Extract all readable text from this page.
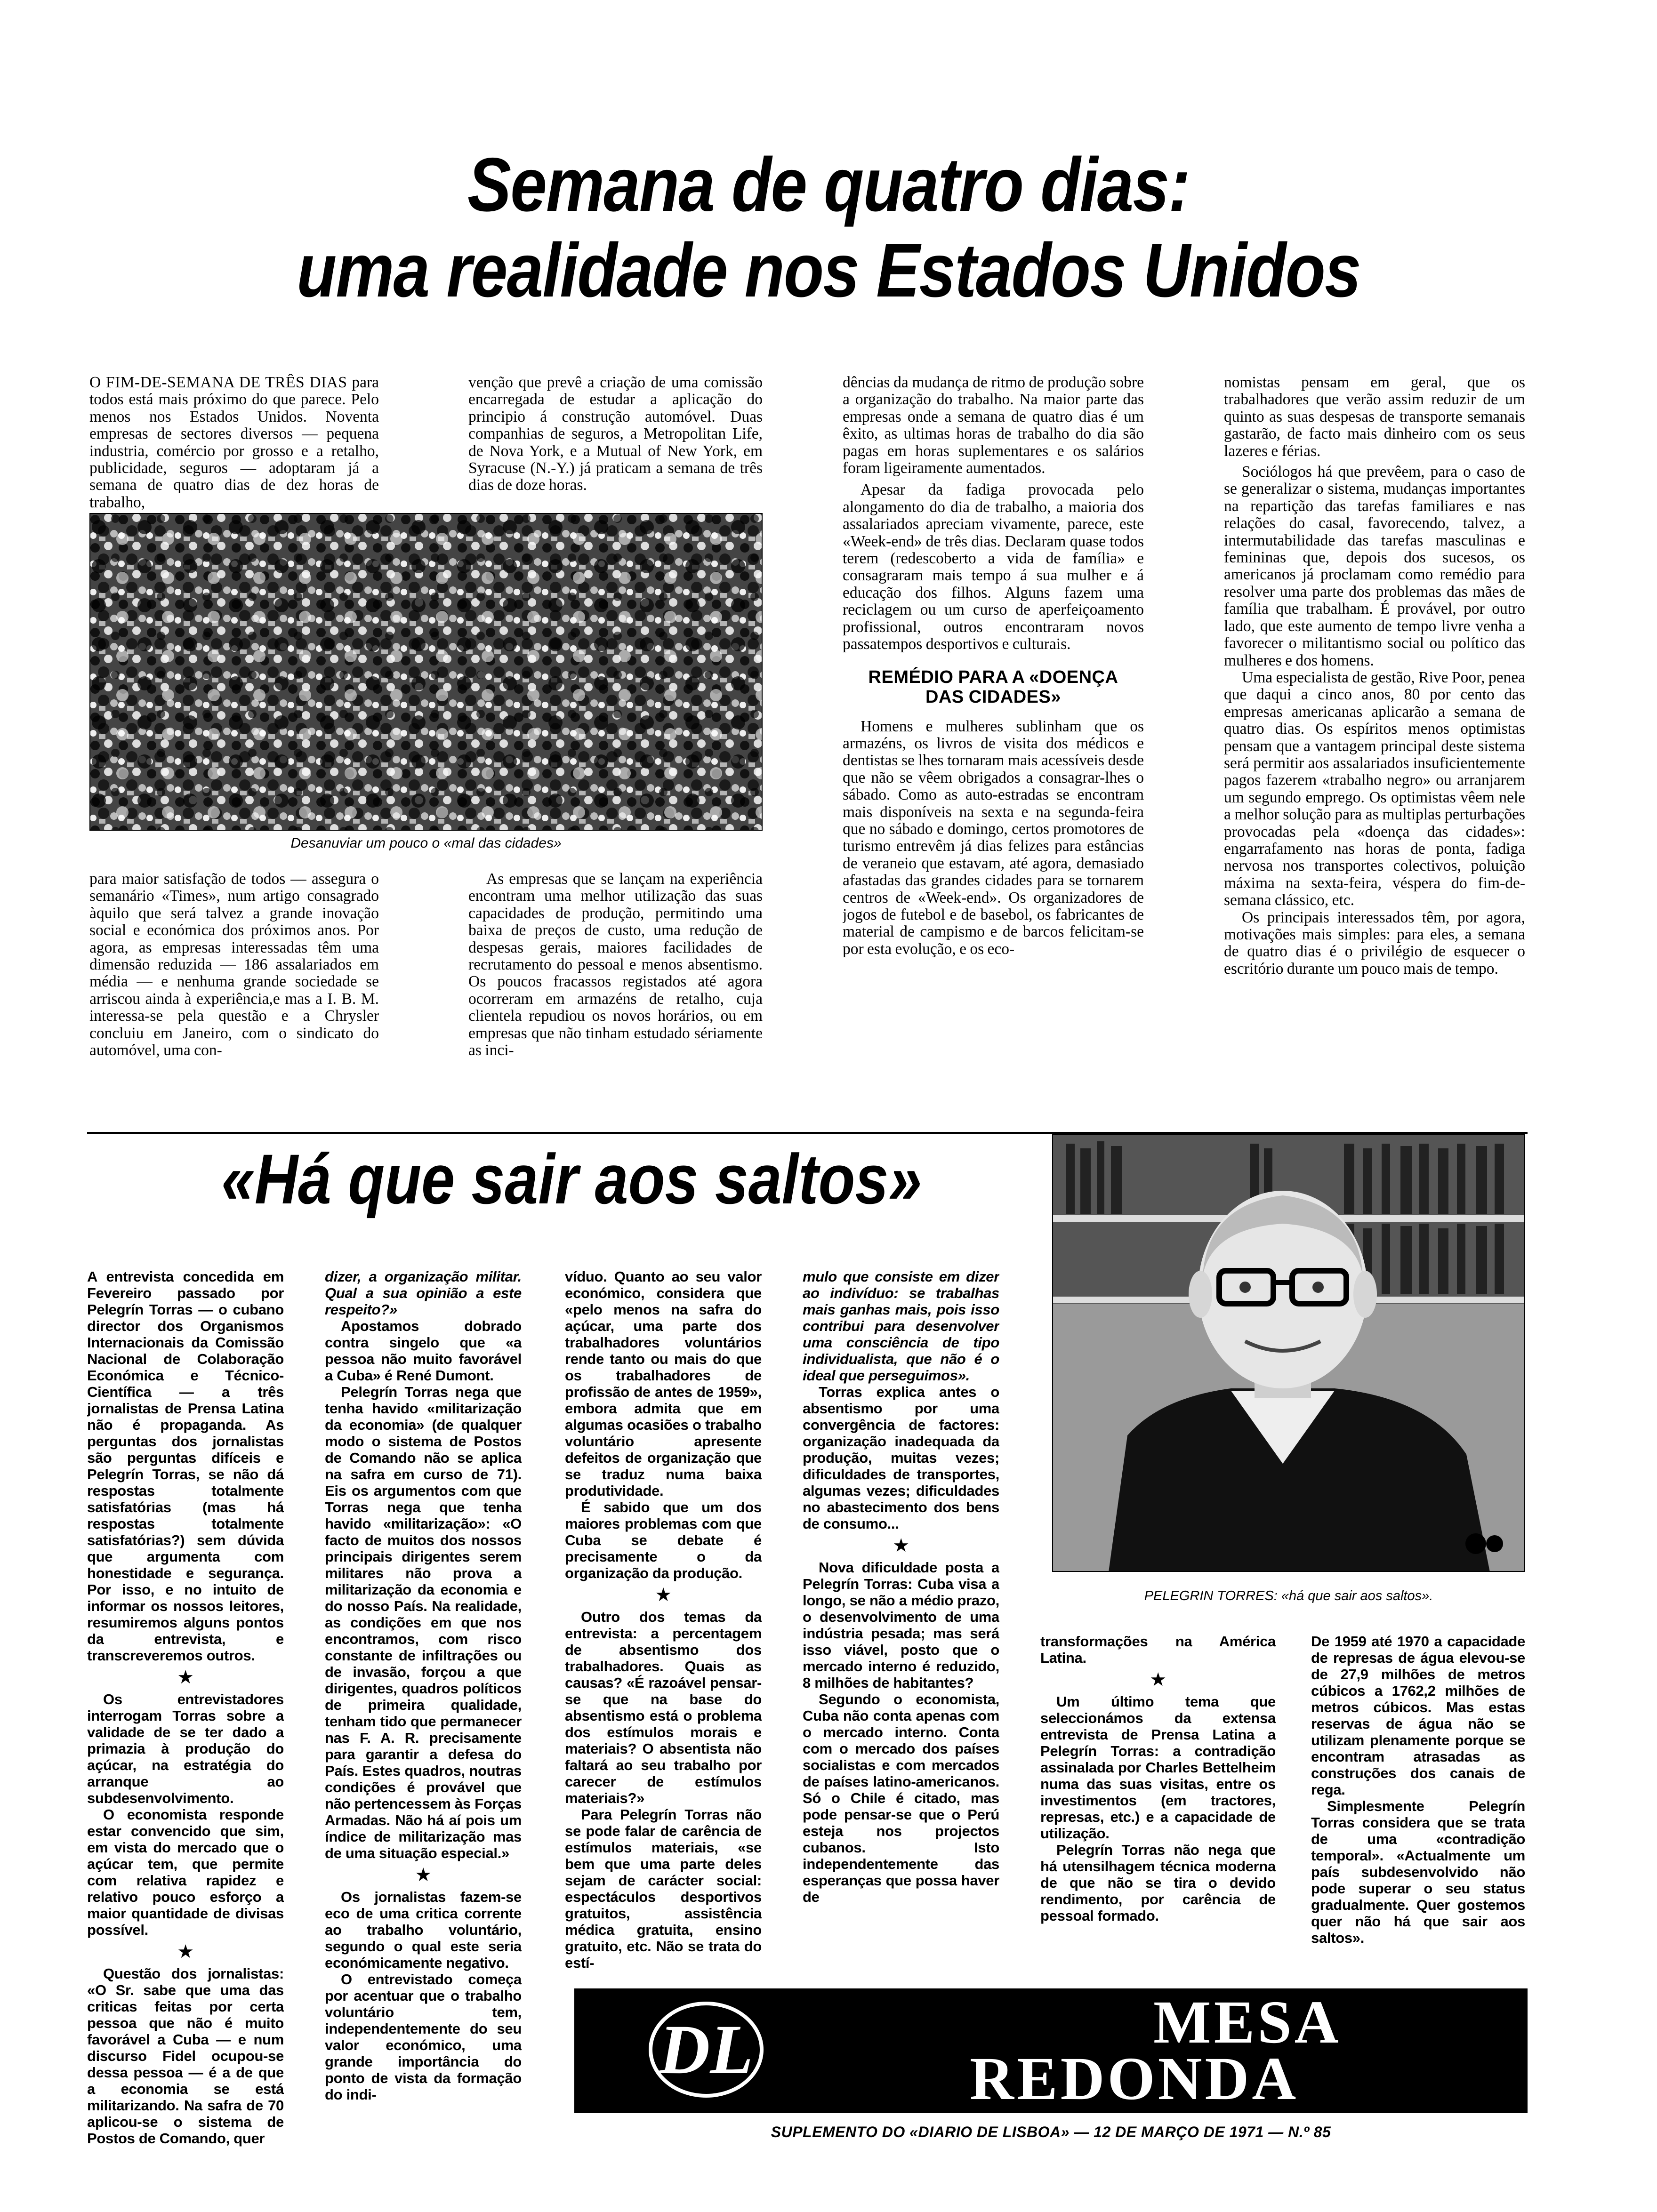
Semana de quatro dias:
uma realidade nos Estados Unidos

O FIM-DE-SEMANA DE TRÊS DIAS para todos está mais próximo do que parece. Pelo menos nos Estados Unidos. Noventa empresas de sectores diversos — pequena industria, comércio por grosso e a retalho, publicidade, seguros — adoptaram já a semana de quatro dias de dez horas de trabalho,

venção que prevê a criação de uma comissão encarregada de estudar a aplicação do principio á construção automóvel. Duas companhias de seguros, a Metropolitan Life, de Nova York, e a Mutual of New York, em Syracuse (N.-Y.) já praticam a semana de três dias de doze horas.

Desanuviar um pouco o «mal das cidades»

para maior satisfação de todos — assegura o semanário «Times», num artigo consagrado àquilo que será talvez a grande inovação social e económica dos próximos anos. Por agora, as empresas interessadas têm uma dimensão reduzida — 186 assalariados em média — e nenhuma grande sociedade se arriscou ainda à experiência,e mas a I. B. M. interessa-se pela questão e a Chrysler concluiu em Janeiro, com o sindicato do automóvel, uma con-

As empresas que se lançam na experiência encontram uma melhor utilização das suas capacidades de produção, permitindo uma baixa de preços de custo, uma redução de despesas gerais, maiores facilidades de recrutamento do pessoal e menos absentismo. Os poucos fracassos registados até agora ocorreram em armazéns de retalho, cuja clientela repudiou os novos horários, ou em empresas que não tinham estudado sériamente as inci-

dências da mudança de ritmo de produção sobre a organização do trabalho. Na maior parte das empresas onde a semana de quatro dias é um êxito, as ultimas horas de trabalho do dia são pagas em horas suplementares e os salários foram ligeiramente aumentados.

Apesar da fadiga provocada pelo alongamento do dia de trabalho, a maioria dos assalariados apreciam vivamente, parece, este «Week-end» de três dias. Declaram quase todos terem (redescoberto a vida de família» e consagraram mais tempo á sua mulher e á educação dos filhos. Alguns fazem uma reciclagem ou um curso de aperfeiçoamento profissional, outros encontraram novos passatempos desportivos e culturais.

REMÉDIO PARA A «DOENÇA DAS CIDADES»

Homens e mulheres sublinham que os armazéns, os livros de visita dos médicos e dentistas se lhes tornaram mais acessíveis desde que não se vêem obrigados a consagrar-lhes o sábado. Como as auto-estradas se encontram mais disponíveis na sexta e na segunda-feira que no sábado e domingo, certos promotores de turismo entrevêm já dias felizes para estâncias de veraneio que estavam, até agora, demasiado afastadas das grandes cidades para se tornarem centros de «Week-end». Os organizadores de jogos de futebol e de basebol, os fabricantes de material de campismo e de barcos felicitam-se por esta evolução, e os eco-

nomistas pensam em geral, que os trabalhadores que verão assim reduzir de um quinto as suas despesas de transporte semanais gastarão, de facto mais dinheiro com os seus lazeres e férias.

Sociólogos há que prevêem, para o caso de se generalizar o sistema, mudanças importantes na repartição das tarefas familiares e nas relações do casal, favorecendo, talvez, a intermutabilidade das tarefas masculinas e femininas que, depois dos sucesos, os americanos já proclamam como remédio para resolver uma parte dos problemas das mães de família que trabalham. É provável, por outro lado, que este aumento de tempo livre venha a favorecer o militantismo social ou político das mulheres e dos homens.

Uma especialista de gestão, Rive Poor, penea que daqui a cinco anos, 80 por cento das empresas americanas aplicarão a semana de quatro dias. Os espíritos menos optimistas pensam que a vantagem principal deste sistema será permitir aos assalariados insuficientemente pagos fazerem «trabalho negro» ou arranjarem um segundo emprego. Os optimistas vêem nele a melhor solução para as multiplas perturbações provocadas pela «doença das cidades»: engarrafamento nas horas de ponta, fadiga nervosa nos transportes colectivos, poluição máxima na sexta-feira, véspera do fim-de-semana clássico, etc.

Os principais interessados têm, por agora, motivações mais simples: para eles, a semana de quatro dias é o privilégio de esquecer o escritório durante um pouco mais de tempo.

«Há que sair aos saltos»
PELEGRIN TORRES: «há que sair aos saltos».

A entrevista concedida em Fevereiro passado por Pelegrín Torras — o cubano director dos Organismos Internacionais da Comissão Nacional de Colaboração Económica e Técnico-Científica — a três jornalistas de Prensa Latina não é propaganda. As perguntas dos jornalistas são perguntas difíceis e Pelegrín Torras, se não dá respostas totalmente satisfatórias (mas há respostas totalmente satisfatórias?) sem dúvida que argumenta com honestidade e segurança. Por isso, e no intuito de informar os nossos leitores, resumiremos alguns pontos da entrevista, e transcreveremos outros.

★

Os entrevistadores interrogam Torras sobre a validade de se ter dado a primazia à produção do açúcar, na estratégia do arranque ao subdesenvolvimento.

O economista responde estar convencido que sim, em vista do mercado que o açúcar tem, que permite com relativa rapidez e relativo pouco esforço a maior quantidade de divisas possível.

★

Questão dos jornalistas: «O Sr. sabe que uma das criticas feitas por certa pessoa que não é muito favorável a Cuba — e num discurso Fidel ocupou-se dessa pessoa — é a de que a economia se está militarizando. Na safra de 70 aplicou-se o sistema de Postos de Comando, quer

dizer, a organização militar. Qual a sua opinião a este respeito?»

Apostamos dobrado contra singelo que «a pessoa não muito favorável a Cuba» é René Dumont.

Pelegrín Torras nega que tenha havido «militarização da economia» (de qualquer modo o sistema de Postos de Comando não se aplica na safra em curso de 71). Eis os argumentos com que Torras nega que tenha havido «militarização»: «O facto de muitos dos nossos principais dirigentes serem militares não prova a militarização da economia e do nosso País. Na realidade, as condições em que nos encontramos, com risco constante de infiltrações ou de invasão, forçou a que dirigentes, quadros políticos de primeira qualidade, tenham tido que permanecer nas F. A. R. precisamente para garantir a defesa do País. Estes quadros, noutras condições é provável que não pertencessem às Forças Armadas. Não há aí pois um índice de militarização mas de uma situação especial.»

★

Os jornalistas fazem-se eco de uma critica corrente ao trabalho voluntário, segundo o qual este seria económicamente negativo.

O entrevistado começa por acentuar que o trabalho voluntário tem, independentemente do seu valor económico, uma grande importância do ponto de vista da formação do indi-

víduo. Quanto ao seu valor económico, considera que «pelo menos na safra do açúcar, uma parte dos trabalhadores voluntários rende tanto ou mais do que os trabalhadores de profissão de antes de 1959», embora admita que em algumas ocasiões o trabalho voluntário apresente defeitos de organização que se traduz numa baixa produtividade.

É sabido que um dos maiores problemas com que Cuba se debate é precisamente o da organização da produção.

★

Outro dos temas da entrevista: a percentagem de absentismo dos trabalhadores. Quais as causas? «É razoável pensar-se que na base do absentismo está o problema dos estímulos morais e materiais? O absentista não faltará ao seu trabalho por carecer de estímulos materiais?»

Para Pelegrín Torras não se pode falar de carência de estímulos materiais, «se bem que uma parte deles sejam de carácter social: espectáculos desportivos gratuitos, assistência médica gratuita, ensino gratuito, etc. Não se trata do estí-

mulo que consiste em dizer ao indivíduo: se trabalhas mais ganhas mais, pois isso contribui para desenvolver uma consciência de tipo individualista, que não é o ideal que perseguimos».

Torras explica antes o absentismo por uma convergência de factores: organização inadequada da produção, muitas vezes; dificuldades de transportes, algumas vezes; dificuldades no abastecimento dos bens de consumo...

★

Nova dificuldade posta a Pelegrín Torras: Cuba visa a longo, se não a médio prazo, o desenvolvimento de uma indústria pesada; mas será isso viável, posto que o mercado interno é reduzido, 8 milhões de habitantes?

Segundo o economista, Cuba não conta apenas com o mercado interno. Conta com o mercado dos países socialistas e com mercados de países latino-americanos. Só o Chile é citado, mas pode pensar-se que o Perú esteja nos projectos cubanos. Isto independentemente das esperanças que possa haver de

transformações na América Latina.

★

Um último tema que seleccionámos da extensa entrevista de Prensa Latina a Pelegrín Torras: a contradição assinalada por Charles Bettelheim numa das suas visitas, entre os investimentos (em tractores, represas, etc.) e a capacidade de utilização.

Pelegrín Torras não nega que há utensilhagem técnica moderna de que não se tira o devido rendimento, por carência de pessoal formado.

De 1959 até 1970 a capacidade de represas de água elevou-se de 27,9 milhões de metros cúbicos a 1762,2 milhões de metros cúbicos. Mas estas reservas de água não se utilizam plenamente porque se encontram atrasadas as construções dos canais de rega.

Simplesmente Pelegrín Torras considera que se trata de uma «contradição temporal». «Actualmente um país subdesenvolvido não pode superar o seu status gradualmente. Quer gostemos quer não há que sair aos saltos».

DL	MESA
REDONDA
SUPLEMENTO DO «DIARIO DE LISBOA» — 12 DE MARÇO DE 1971 — N.º 85
